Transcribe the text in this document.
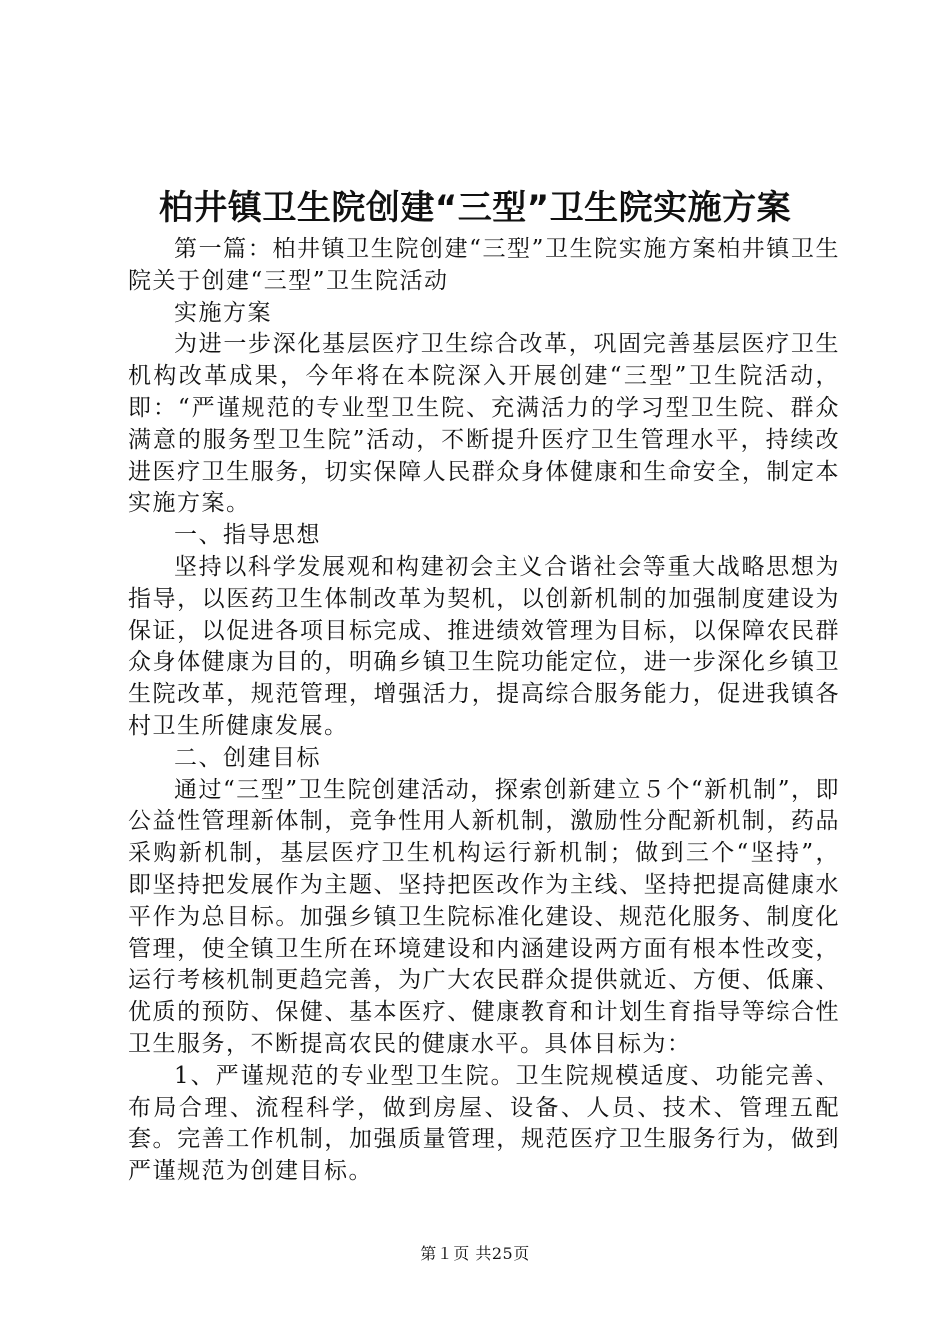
柏井镇卫生院创建“三型”卫生院实施方案

第一篇：柏井镇卫生院创建“三型”卫生院实施方案柏井镇卫生院关于创建“三型”卫生院活动

实施方案

为进一步深化基层医疗卫生综合改革，巩固完善基层医疗卫生机构改革成果，今年将在本院深入开展创建“三型”卫生院活动，即：“严谨规范的专业型卫生院、充满活力的学习型卫生院、群众满意的服务型卫生院”活动，不断提升医疗卫生管理水平，持续改进医疗卫生服务，切实保障人民群众身体健康和生命安全，制定本实施方案。

一、指导思想

坚持以科学发展观和构建初会主义合谐社会等重大战略思想为指导，以医药卫生体制改革为契机，以创新机制的加强制度建设为保证，以促进各项目标完成、推进绩效管理为目标，以保障农民群众身体健康为目的，明确乡镇卫生院功能定位，进一步深化乡镇卫生院改革，规范管理，增强活力，提高综合服务能力，促进我镇各村卫生所健康发展。

二、创建目标

通过“三型”卫生院创建活动，探索创新建立５个“新机制”，即公益性管理新体制，竞争性用人新机制，激励性分配新机制，药品采购新机制，基层医疗卫生机构运行新机制；做到三个“坚持”，即坚持把发展作为主题、坚持把医改作为主线、坚持把提高健康水平作为总目标。加强乡镇卫生院标准化建设、规范化服务、制度化管理，使全镇卫生所在环境建设和内涵建设两方面有根本性改变，运行考核机制更趋完善，为广大农民群众提供就近、方便、低廉、优质的预防、保健、基本医疗、健康教育和计划生育指导等综合性卫生服务，不断提高农民的健康水平。具体目标为：

1、严谨规范的专业型卫生院。卫生院规模适度、功能完善、布局合理、流程科学，做到房屋、设备、人员、技术、管理五配套。完善工作机制，加强质量管理，规范医疗卫生服务行为，做到严谨规范为创建目标。

第１页 共25页
